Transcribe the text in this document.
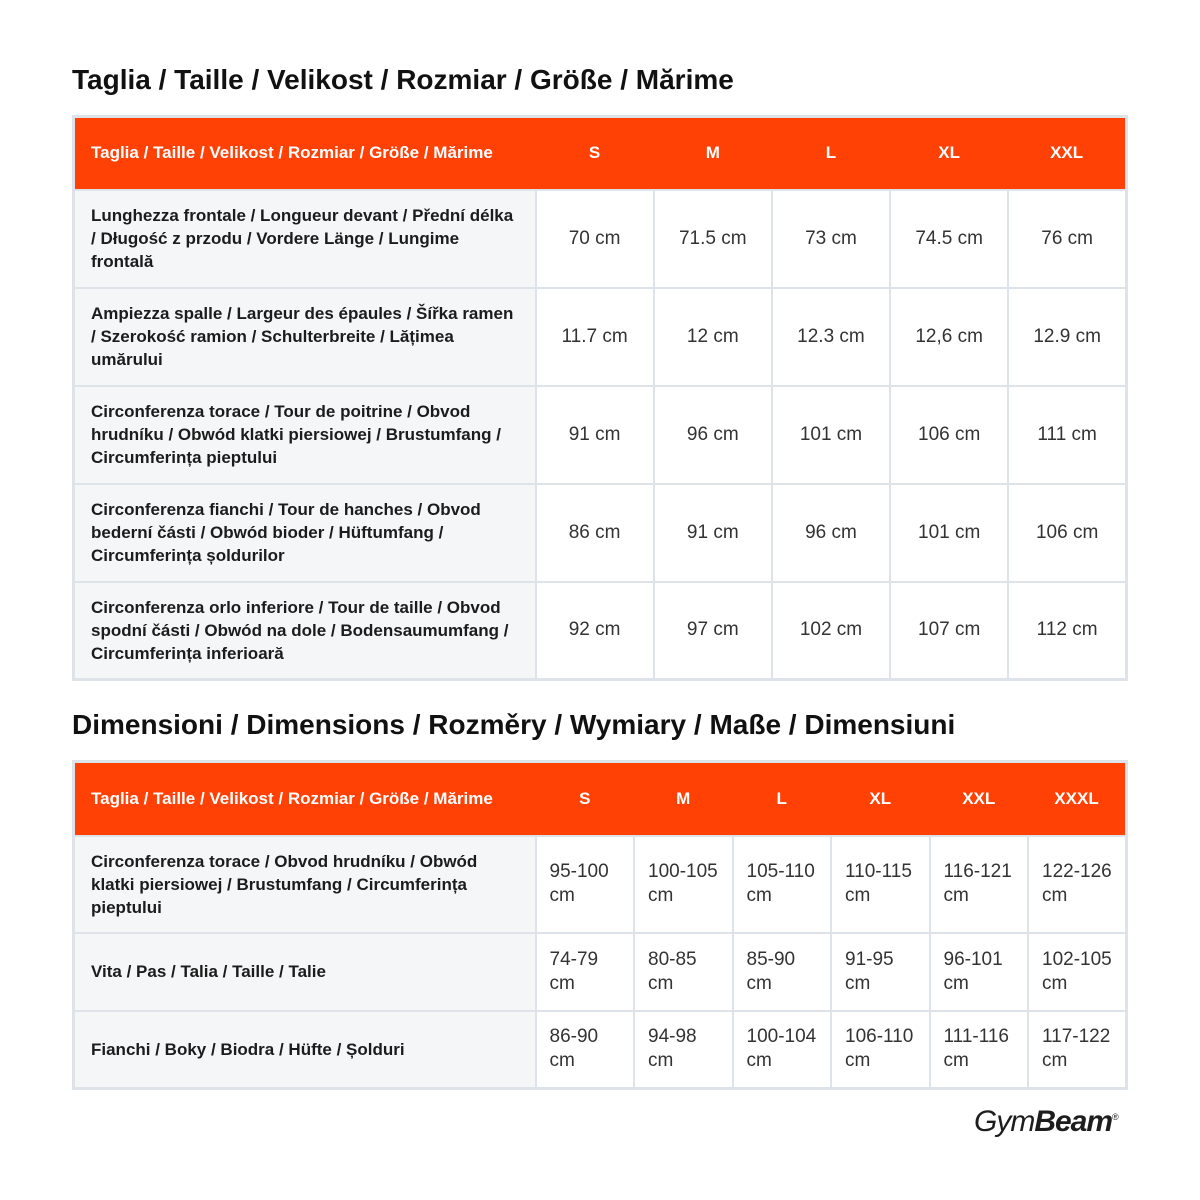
Taglia / Taille / Velikost / Rozmiar / Größe / Mărime
Taglia / Taille / Velikost / Rozmiar / Größe / Mărime	S	M	L	XL	XXL
Lunghezza frontale / Longueur devant / Přední délka / Długość z przodu / Vordere Länge / Lungime frontală	70 cm	71.5 cm	73 cm	74.5 cm	76 cm
Ampiezza spalle / Largeur des épaules / Šířka ramen / Szerokość ramion / Schulterbreite / Lățimea umărului	11.7 cm	12 cm	12.3 cm	12,6 cm	12.9 cm
Circonferenza torace / Tour de poitrine / Obvod hrudníku / Obwód klatki piersiowej / Brustumfang / Circumferința pieptului	91 cm	96 cm	101 cm	106 cm	111 cm
Circonferenza fianchi / Tour de hanches / Obvod bederní části / Obwód bioder / Hüftumfang / Circumferința șoldurilor	86 cm	91 cm	96 cm	101 cm	106 cm
Circonferenza orlo inferiore / Tour de taille / Obvod spodní části / Obwód na dole / Bodensaumumfang / Circumferința inferioară	92 cm	97 cm	102 cm	107 cm	112 cm
Dimensioni / Dimensions / Rozměry / Wymiary / Maße / Dimensiuni
Taglia / Taille / Velikost / Rozmiar / Größe / Mărime	S	M	L	XL	XXL	XXXL
Circonferenza torace / Obvod hrudníku / Obwód klatki piersiowej / Brustumfang / Circumferința pieptului	95-100 cm	100-105 cm	105-110 cm	110-115 cm	116-121 cm	122-126 cm
Vita / Pas / Talia / Taille / Talie	74-79 cm	80-85 cm	85-90 cm	91-95 cm	96-101 cm	102-105 cm
Fianchi / Boky / Biodra / Hüfte / Șolduri	86-90 cm	94-98 cm	100-104 cm	106-110 cm	111-116 cm	117-122 cm
GymBeam®
